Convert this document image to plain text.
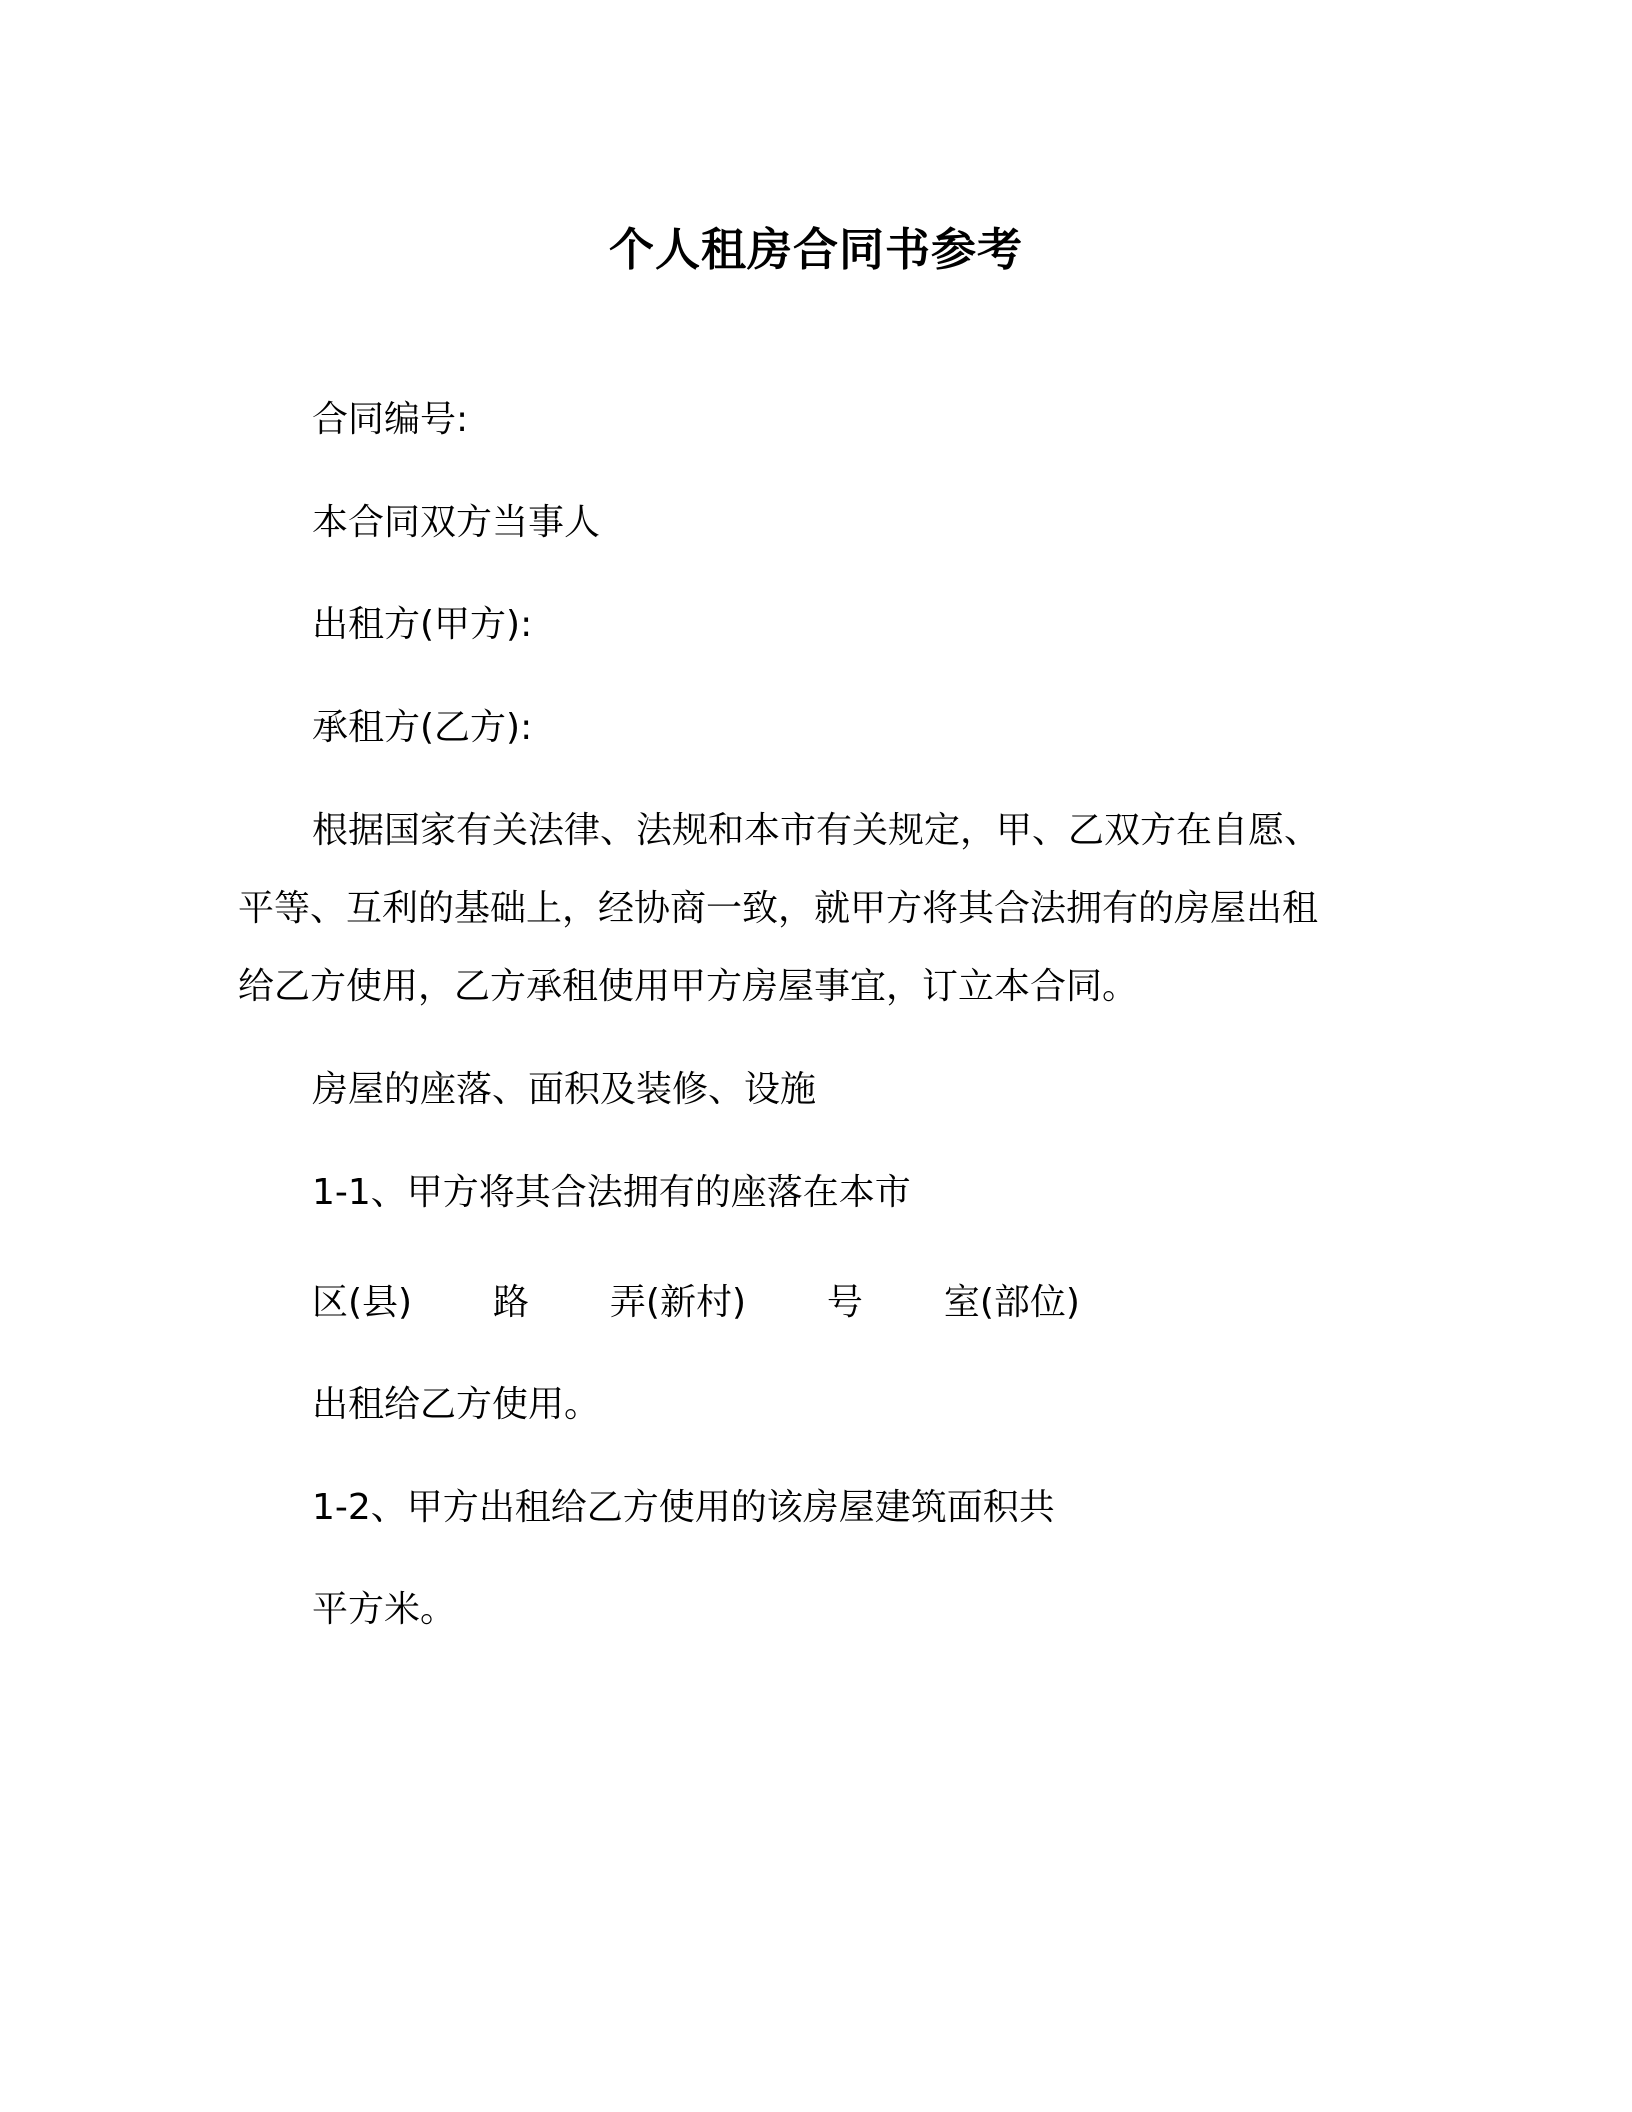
个人租房合同书参考
合同编号:
本合同双方当事人
出租方(甲方):
承租方(乙方):
根据国家有关法律、法规和本市有关规定，甲、乙双方在自愿、
平等、互利的基础上，经协商一致，就甲方将其合法拥有的房屋出租
给乙方使用，乙方承租使用甲方房屋事宜，订立本合同。
房屋的座落、面积及装修、设施
1-1、甲方将其合法拥有的座落在本市
区(县) 路 弄(新村) 号 室(部位)
出租给乙方使用。
1-2、甲方出租给乙方使用的该房屋建筑面积共
平方米。
